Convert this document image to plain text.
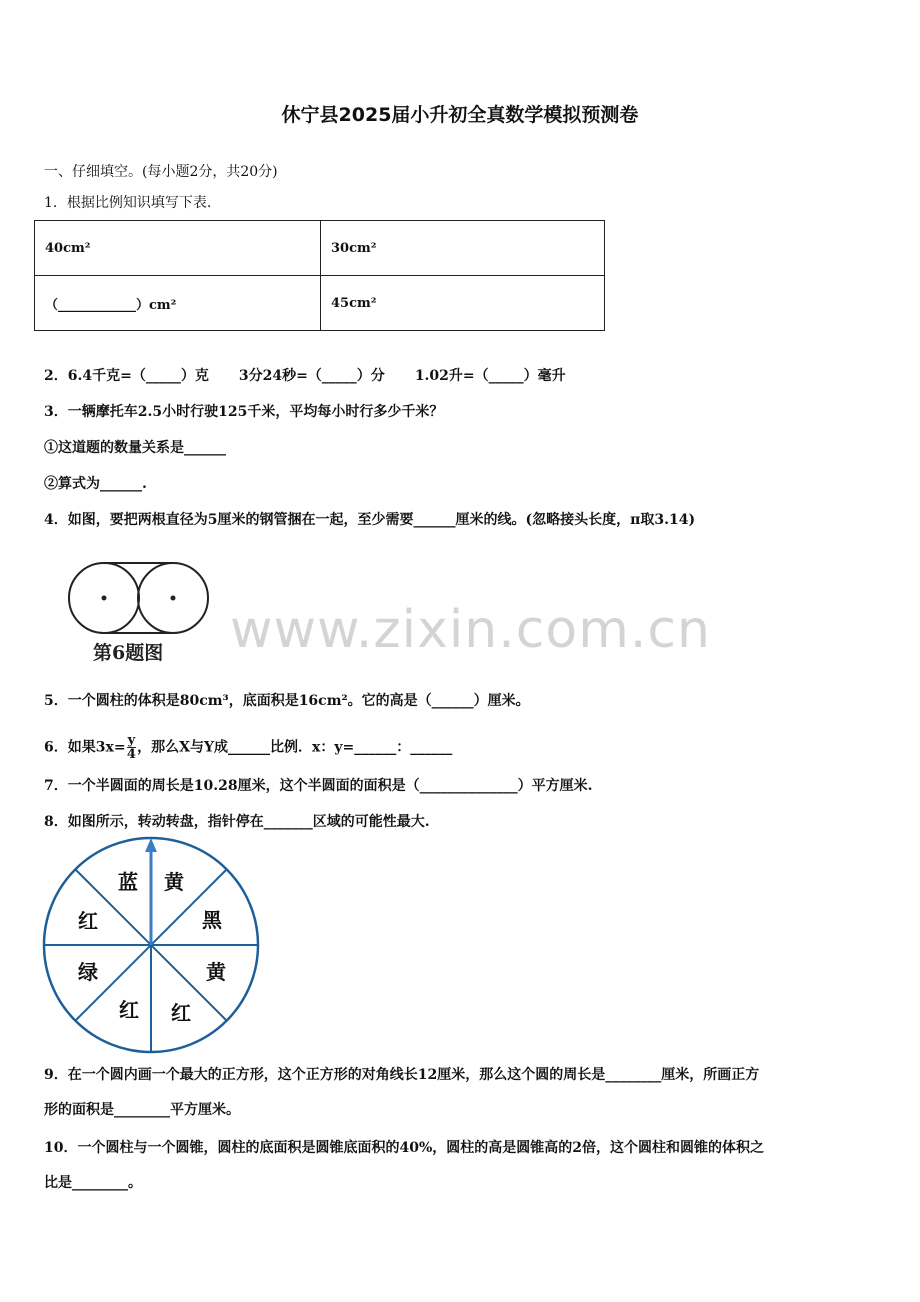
休宁县2025届小升初全真数学模拟预测卷
一、仔细填空。(每小题2分，共20分)
1．根据比例知识填写下表.
40cm²	30cm²
（____________）cm²	45cm²
2．6.4千克=（_____）克 3分24秒=（_____）分 1.02升=（_____）毫升
3．一辆摩托车2.5小时行驶125千米，平均每小时行多少千米？
①这道题的数量关系是______
②算式为______.
4．如图，要把两根直径为5厘米的钢管捆在一起，至少需要______厘米的线。(忽略接头长度，π取3.14)
第6题图 www.zixin.com.cn
5．一个圆柱的体积是80cm³，底面积是16cm²。它的高是（______）厘米。
6．如果$3x= \frac{y}{4}$ ，那么X与Y成______比例．x：y=______：______
7．一个半圆面的周长是10.28厘米，这个半圆面的面积是（______________）平方厘米.
8．如图所示，转动转盘，指针停在_______区域的可能性最大.
蓝 黄
黑
黄
红
红
绿
红
9．在一个圆内画一个最大的正方形，这个正方形的对角线长12厘米，那么这个圆的周长是________厘米，所画正方
形的面积是________平方厘米。
10．一个圆柱与一个圆锥，圆柱的底面积是圆锥底面积的40%，圆柱的高是圆锥高的2倍，这个圆柱和圆锥的体积之
比是________。
